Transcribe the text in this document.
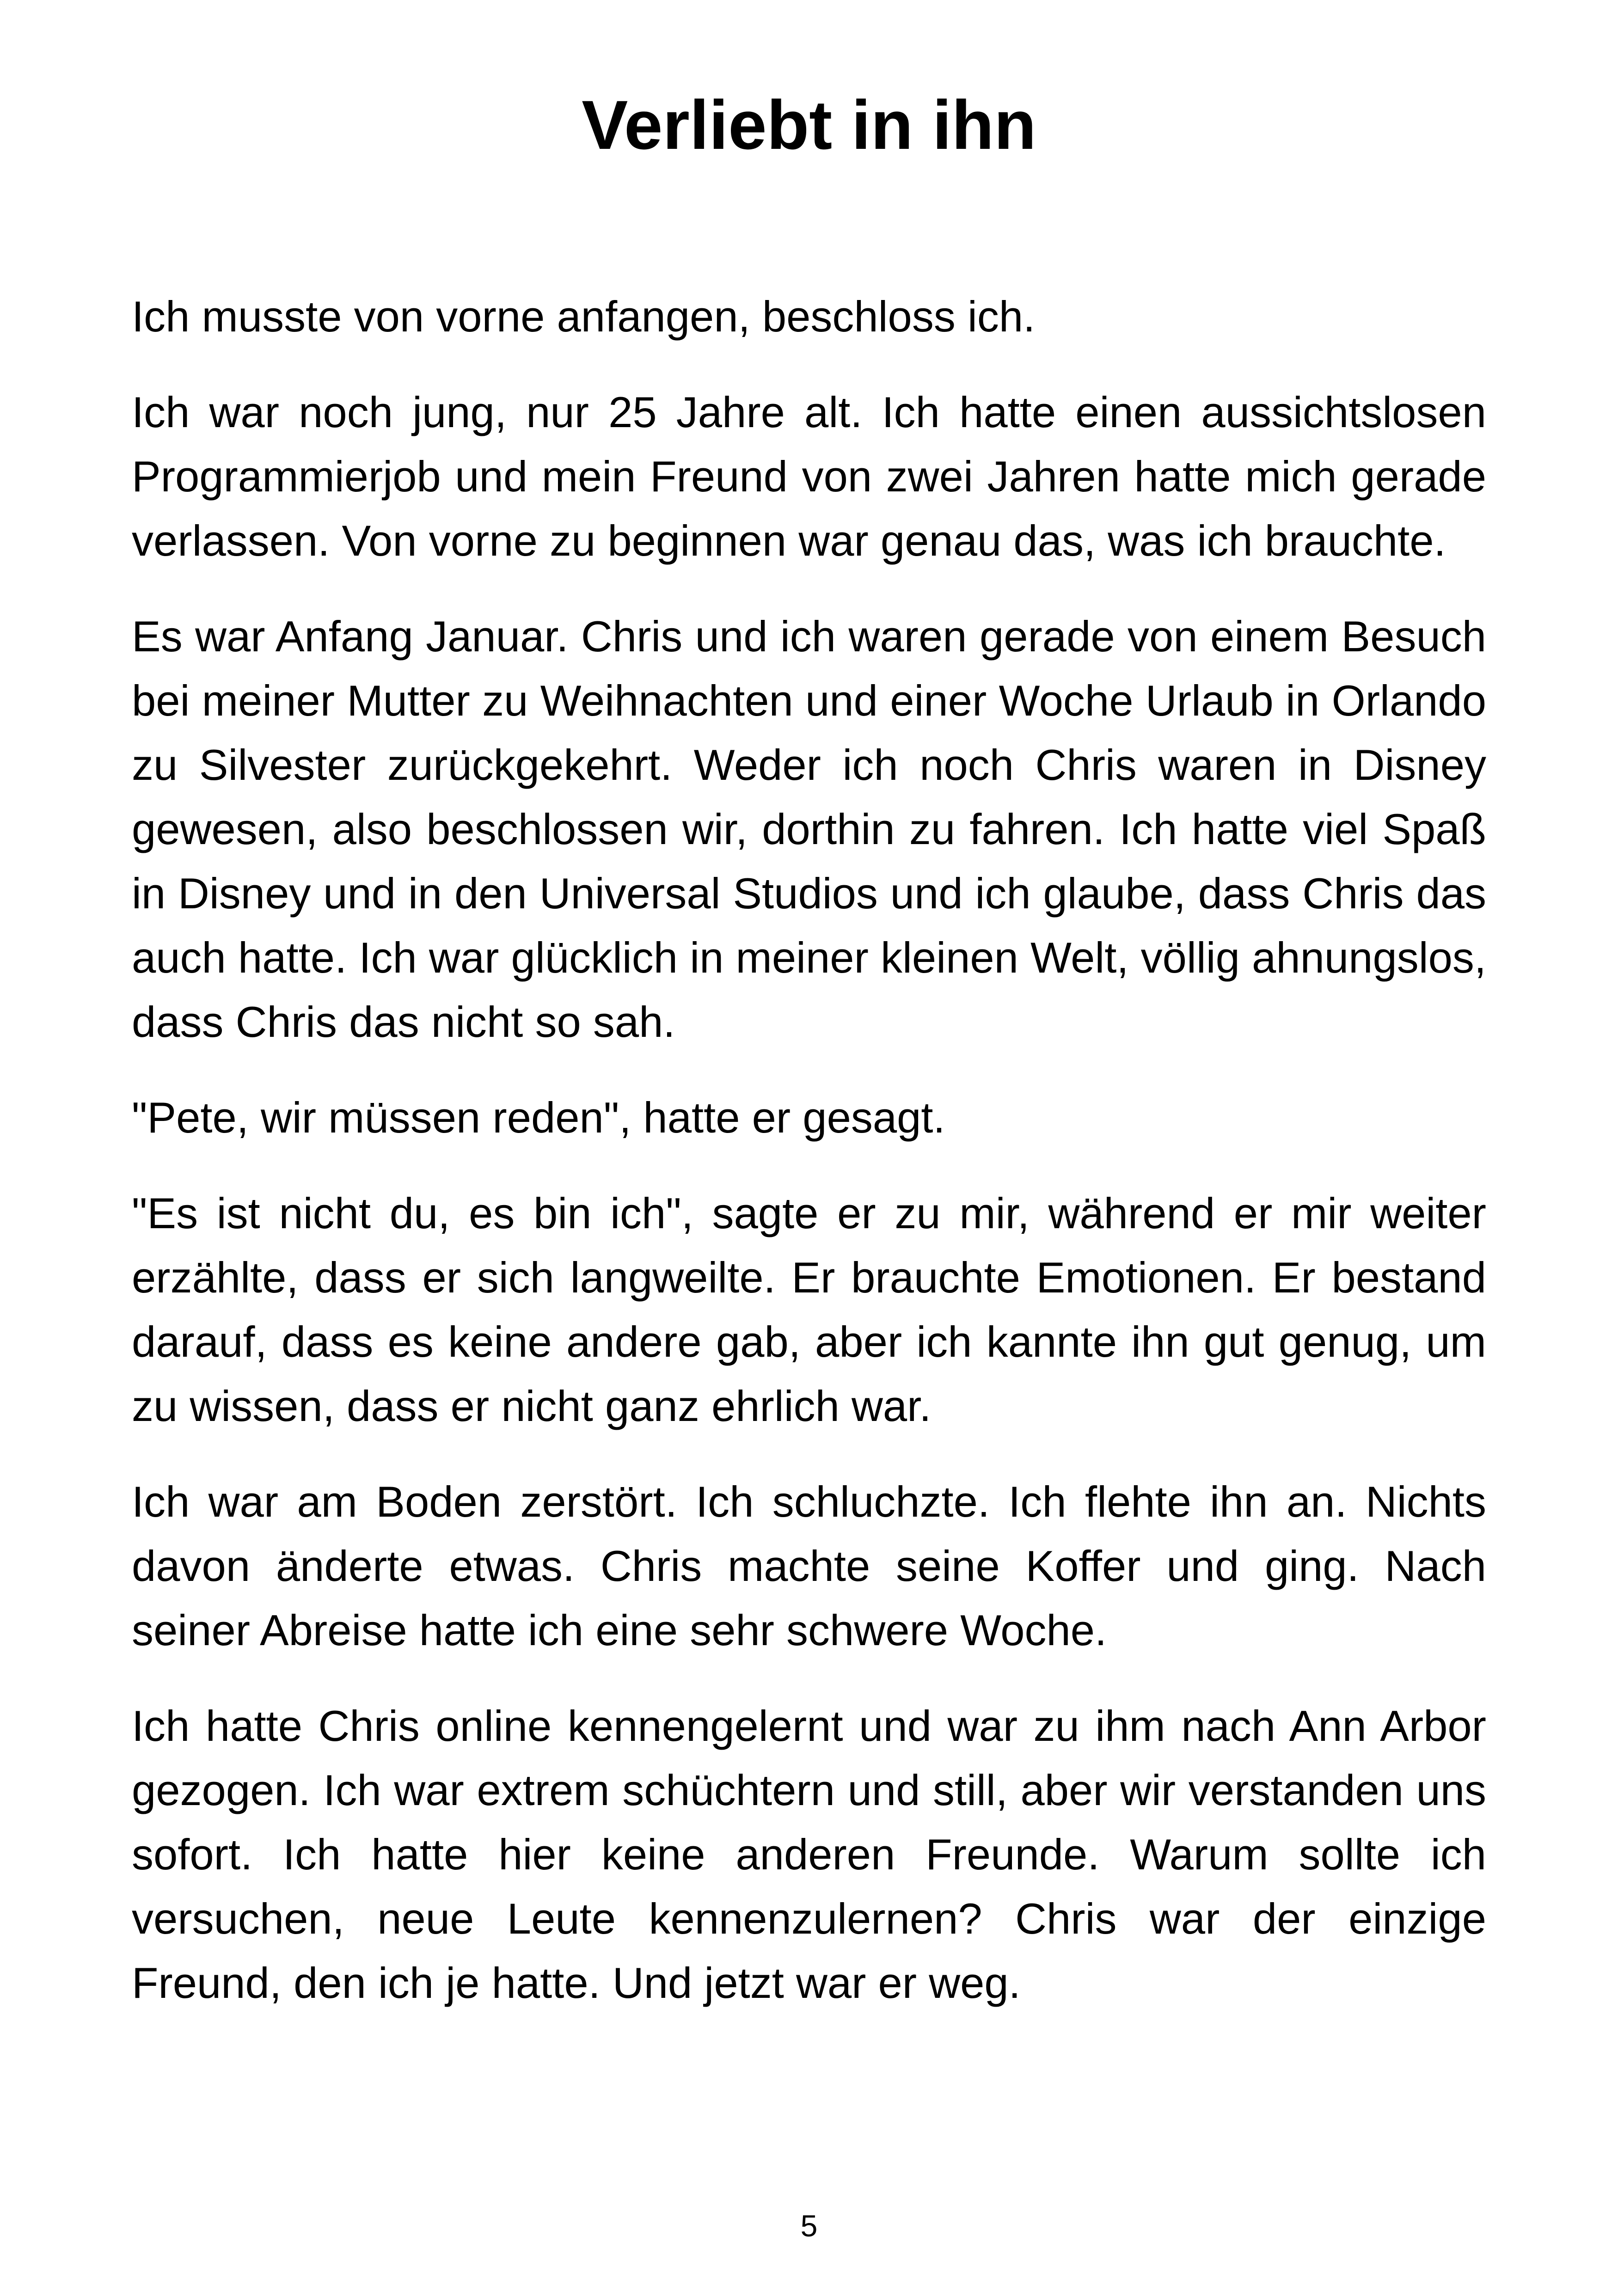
Verliebt in ihn

Ich musste von vorne anfangen, beschloss ich.

Ich war noch jung, nur 25 Jahre alt. Ich hatte einen aussichtslosen Programmierjob und mein Freund von zwei Jahren hatte mich gerade verlassen. Von vorne zu beginnen war genau das, was ich brauchte.

Es war Anfang Januar. Chris und ich waren gerade von einem Besuch bei meiner Mutter zu Weihnachten und einer Woche Urlaub in Orlando zu Silvester zurückgekehrt. Weder ich noch Chris waren in Disney gewesen, also beschlossen wir, dorthin zu fahren. Ich hatte viel Spaß in Disney und in den Universal Studios und ich glaube, dass Chris das auch hatte. Ich war glücklich in meiner kleinen Welt, völlig ahnungslos, dass Chris das nicht so sah.

"Pete, wir müssen reden", hatte er gesagt.

"Es ist nicht du, es bin ich", sagte er zu mir, während er mir weiter erzählte, dass er sich langweilte. Er brauchte Emotionen. Er bestand darauf, dass es keine andere gab, aber ich kannte ihn gut genug, um zu wissen, dass er nicht ganz ehrlich war.

Ich war am Boden zerstört. Ich schluchzte. Ich flehte ihn an. Nichts davon änderte etwas. Chris machte seine Koffer und ging. Nach seiner Abreise hatte ich eine sehr schwere Woche.

Ich hatte Chris online kennengelernt und war zu ihm nach Ann Arbor gezogen. Ich war extrem schüchtern und still, aber wir verstanden uns sofort. Ich hatte hier keine anderen Freunde. Warum sollte ich versuchen, neue Leute kennenzulernen? Chris war der einzige Freund, den ich je hatte. Und jetzt war er weg.

5
